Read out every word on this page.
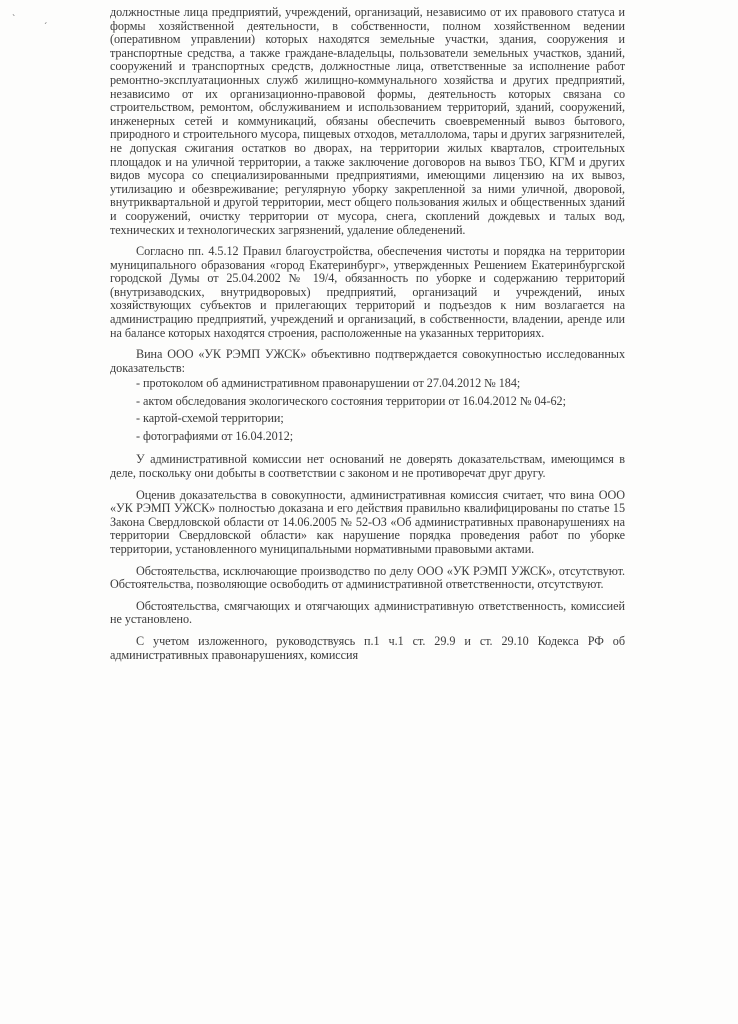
`
´

должностные лица предприятий, учреждений, организаций, независимо от их правового статуса и формы хозяйственной деятельности, в собственности, полном хозяйственном ведении (оперативном управлении) которых находятся земельные участки, здания, сооружения и транспортные средства, а также граждане-владельцы, пользователи земельных участков, зданий, сооружений и транспортных средств, должностные лица, ответственные за исполнение работ ремонтно-эксплуатационных служб жилищно-коммунального хозяйства и других предприятий, независимо от их организационно-правовой формы, деятельность которых связана со строительством, ремонтом, обслуживанием и использованием территорий, зданий, сооружений, инженерных сетей и коммуникаций, обязаны обеспечить своевременный вывоз бытового, природного и строительного мусора, пищевых отходов, металлолома, тары и других загрязнителей, не допуская сжигания остатков во дворах, на территории жилых кварталов, строительных площадок и на уличной территории, а также заключение договоров на вывоз ТБО, КГМ и других видов мусора со специализированными предприятиями, имеющими лицензию на их вывоз, утилизацию и обезвреживание; регулярную уборку закрепленной за ними уличной, дворовой, внутриквартальной и другой территории, мест общего пользования жилых и общественных зданий и сооружений, очистку территории от мусора, снега, скоплений дождевых и талых вод, технических и технологических загрязнений, удаление обледенений.

Согласно пп. 4.5.12 Правил благоустройства, обеспечения чистоты и порядка на территории муниципального образования «город Екатеринбург», утвержденных Решением Екатеринбургской городской Думы от 25.04.2002 № 19/4, обязанность по уборке и содержанию территорий (внутризаводских, внутридворовых) предприятий, организаций и учреждений, иных хозяйствующих субъектов и прилегающих территорий и подъездов к ним возлагается на администрацию предприятий, учреждений и организаций, в собственности, владении, аренде или на балансе которых находятся строения, расположенные на указанных территориях.

Вина ООО «УК РЭМП УЖСК» объективно подтверждается совокупностью исследованных доказательств:

- протоколом об административном правонарушении от 27.04.2012 № 184;

- актом обследования экологического состояния территории от 16.04.2012 № 04-62;

- картой-схемой территории;

- фотографиями от 16.04.2012;

У административной комиссии нет оснований не доверять доказательствам, имеющимся в деле, поскольку они добыты в соответствии с законом и не противоречат друг другу.

Оценив доказательства в совокупности, административная комиссия считает, что вина ООО «УК РЭМП УЖСК» полностью доказана и его действия правильно квалифицированы по статье 15 Закона Свердловской области от 14.06.2005 № 52-ОЗ «Об административных правонарушениях на территории Свердловской области» как нарушение порядка проведения работ по уборке территории, установленного муниципальными нормативными правовыми актами.

Обстоятельства, исключающие производство по делу ООО «УК РЭМП УЖСК», отсутствуют. Обстоятельства, позволяющие освободить от административной ответственности, отсутствуют.

Обстоятельства, смягчающих и отягчающих административную ответственность, комиссией не установлено.

С учетом изложенного, руководствуясь п.1 ч.1 ст. 29.9 и ст. 29.10 Кодекса РФ об административных правонарушениях, комиссия
